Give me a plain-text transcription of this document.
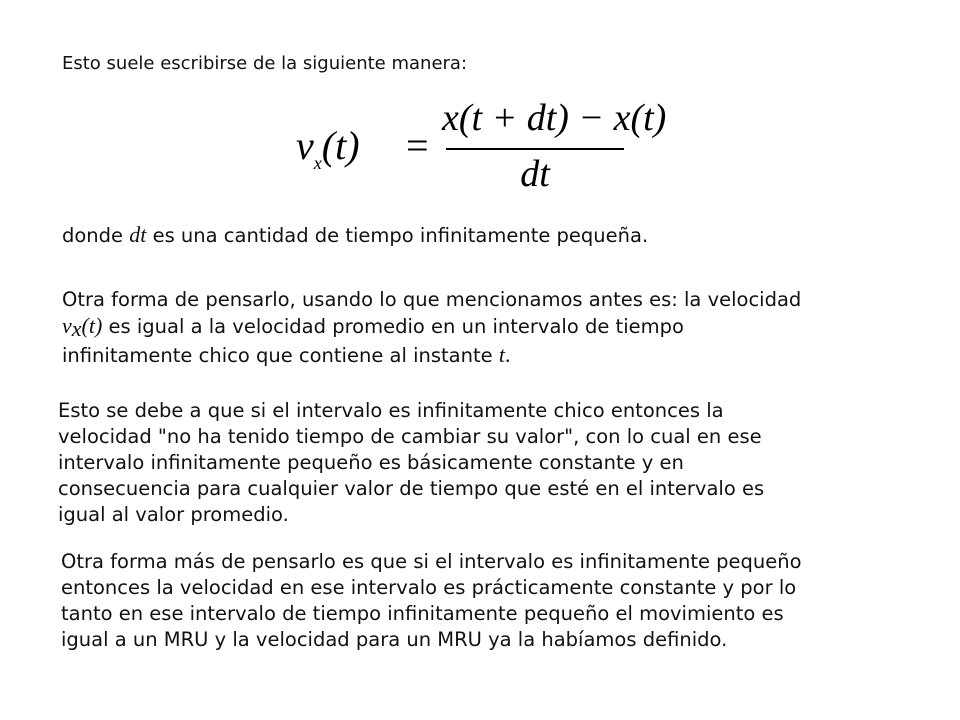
Esto suele escribirse de la siguiente manera:

$v_x(t)$ =
x(t + dt) − x(t)
dt

donde dt es una cantidad de tiempo infinitamente pequeña.

Otra forma de pensarlo, usando lo que mencionamos antes es: la velocidad
$v_x(t)$ es igual a la velocidad promedio en un intervalo de tiempo
infinitamente chico que contiene al instante t.

Esto se debe a que si el intervalo es infinitamente chico entonces la
velocidad "no ha tenido tiempo de cambiar su valor", con lo cual en ese
intervalo infinitamente pequeño es básicamente constante y en
consecuencia para cualquier valor de tiempo que esté en el intervalo es
igual al valor promedio.

Otra forma más de pensarlo es que si el intervalo es infinitamente pequeño
entonces la velocidad en ese intervalo es prácticamente constante y por lo
tanto en ese intervalo de tiempo infinitamente pequeño el movimiento es
igual a un MRU y la velocidad para un MRU ya la habíamos definido.
